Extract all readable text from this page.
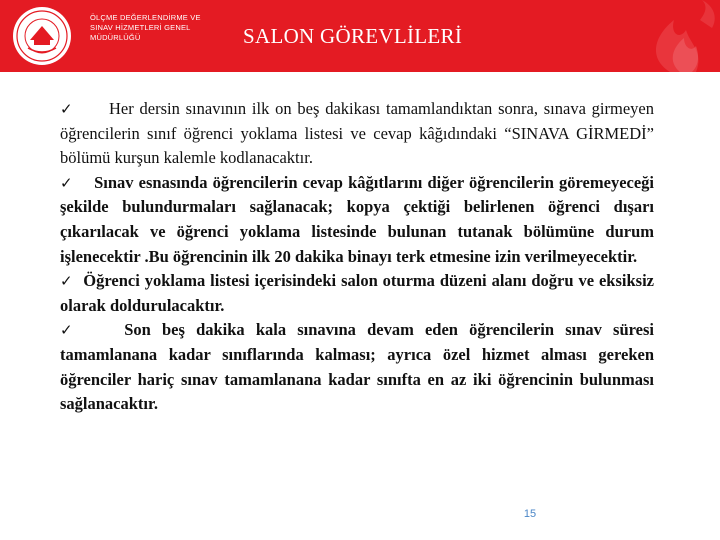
ÖLÇME DEĞERLENDİRME VE
SINAV HİZMETLERİ GENEL
MÜDÜRLÜĞÜ	SALON GÖREVLİLERİ

✓ Her dersin sınavının ilk on beş dakikası tamamlandıktan sonra, sınava girmeyen öğrencilerin sınıf öğrenci yoklama listesi ve cevap kâğıdındaki “SINAVA GİRMEDİ” bölümü kurşun kalemle kodlanacaktır.

✓ Sınav esnasında öğrencilerin cevap kâğıtlarını diğer öğrencilerin göremeyeceği şekilde bulundurmaları sağlanacak; kopya çektiği belirlenen öğrenci dışarı çıkarılacak ve öğrenci yoklama listesinde bulunan tutanak bölümüne durum işlenecektir .Bu öğrencinin ilk 20 dakika binayı terk etmesine izin verilmeyecektir.

✓ Öğrenci yoklama listesi içerisindeki salon oturma düzeni alanı doğru ve eksiksiz olarak doldurulacaktır.

✓	Son beş dakika kala sınavına devam eden öğrencilerin sınav süresi tamamlanana kadar sınıflarında kalması; ayrıca özel hizmet alması gereken öğrenciler hariç sınav tamamlanana kadar sınıfta en az iki öğrencinin bulunması sağlanacaktır.

15
